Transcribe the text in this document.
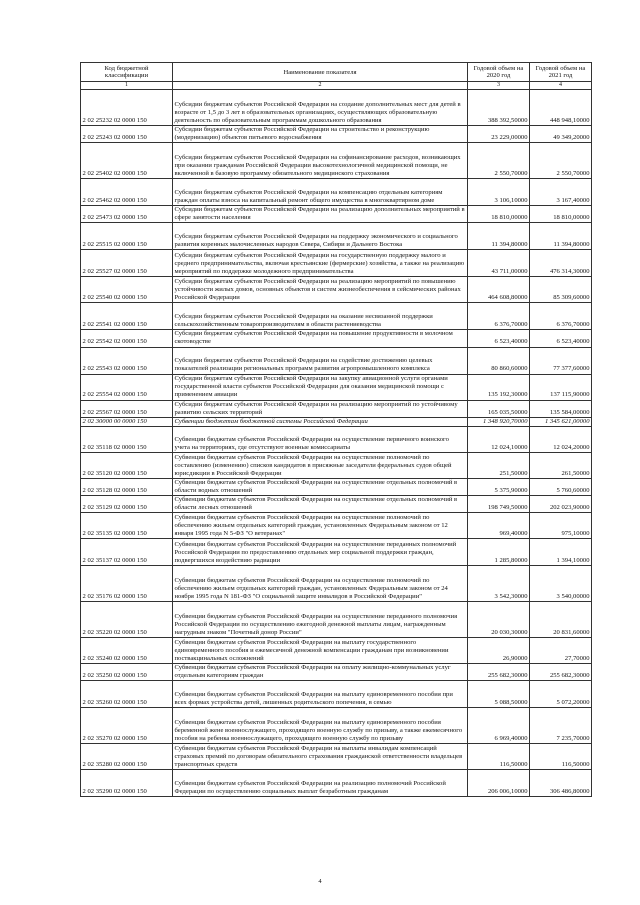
Код бюджетной классификации	Наименование показателя	Годовой объем на 2020 год	Годовой объем на 2021 год
1	2	3	4
2 02 25232 02 0000 150	Субсидии бюджетам субъектов Российской Федерации на создание дополнительных мест для детей в возрасте от 1,5 до 3 лет в образовательных организациях, осуществляющих образовательную деятельность по образовательным программам дошкольного образования	388 392,50000	448 948,10000
2 02 25243 02 0000 150	Субсидии бюджетам субъектов Российской Федерации на строительство и реконструкцию (модернизацию) объектов питьевого водоснабжения	23 229,00000	49 349,20000
2 02 25402 02 0000 150	Субсидии бюджетам субъектов Российской Федерации на софинансирование расходов, возникающих при оказании гражданам Российской Федерации высокотехнологичной медицинской помощи, не включенной в базовую программу обязательного медицинского страхования	2 550,70000	2 550,70000
2 02 25462 02 0000 150	Субсидии бюджетам субъектов Российской Федерации на компенсацию отдельным категориям граждан оплаты взноса на капитальный ремонт общего имущества в многоквартирном доме	3 106,10000	3 167,40000
2 02 25473 02 0000 150	Субсидии бюджетам субъектов Российской Федерации на реализацию дополнительных мероприятий в сфере занятости населения	18 810,00000	18 810,00000
2 02 25515 02 0000 150	Субсидии бюджетам субъектов Российской Федерации на поддержку экономического и социального развития коренных малочисленных народов Севера, Сибири и Дальнего Востока	11 394,80000	11 394,80000
2 02 25527 02 0000 150	Субсидии бюджетам субъектов Российской Федерации на государственную поддержку малого и среднего предпринимательства, включая крестьянские (фермерские) хозяйства, а также на реализацию мероприятий по поддержке молодежного предпринимательства	43 711,00000	476 314,30000
2 02 25540 02 0000 150	Субсидии бюджетам субъектов Российской Федерации на реализацию мероприятий по повышению устойчивости жилых домов, основных объектов и систем жизнеобеспечения в сейсмических районах Российской Федерации	464 608,80000	85 309,60000
2 02 25541 02 0000 150	Субсидии бюджетам субъектов Российской Федерации на оказание несвязанной поддержки сельскохозяйственным товаропроизводителям в области растениеводства	6 376,70000	6 376,70000
2 02 25542 02 0000 150	Субсидии бюджетам субъектов Российской Федерации на повышение продуктивности в молочном скотоводстве	6 523,40000	6 523,40000
2 02 25543 02 0000 150	Субсидии бюджетам субъектов Российской Федерации на содействие достижению целевых показателей реализации региональных программ развития агропромышленного комплекса	80 860,60000	77 377,60000
2 02 25554 02 0000 150	Субсидии бюджетам субъектов Российской Федерации на закупку авиационной услуги органами государственной власти субъектов Российской Федерации для оказания медицинской помощи с применением авиации	135 192,30000	137 115,90000
2 02 25567 02 0000 150	Субсидии бюджетам субъектов Российской Федерации на реализацию мероприятий по устойчивому развитию сельских территорий	165 035,50000	135 584,00000
2 02 30000 00 0000 150	Субвенции бюджетам бюджетной системы Российской Федерации	1 348 920,70000	1 345 621,00000
2 02 35118 02 0000 150	Субвенции бюджетам субъектов Российской Федерации на осуществление первичного воинского учета на территориях, где отсутствуют военные комиссариаты	12 024,10000	12 024,20000
2 02 35120 02 0000 150	Субвенции бюджетам субъектов Российской Федерации на осуществление полномочий по составлению (изменению) списков кандидатов в присяжные заседатели федеральных судов общей юрисдикции в Российской Федерации	251,50000	261,50000
2 02 35128 02 0000 150	Субвенции бюджетам субъектов Российской Федерации на осуществление отдельных полномочий в области водных отношений	5 375,90000	5 760,60000
2 02 35129 02 0000 150	Субвенции бюджетам субъектов Российской Федерации на осуществление отдельных полномочий в области лесных отношений	198 749,50000	202 023,90000
2 02 35135 02 0000 150	Субвенции бюджетам субъектов Российской Федерации на осуществление полномочий по обеспечению жильем отдельных категорий граждан, установленных Федеральным законом от 12 января 1995 года N 5-ФЗ "О ветеранах"	969,40000	975,10000
2 02 35137 02 0000 150	Субвенции бюджетам субъектов Российской Федерации на осуществление переданных полномочий Российской Федерации по предоставлению отдельных мер социальной поддержки граждан, подвергшихся воздействию радиации	1 285,80000	1 394,10000
2 02 35176 02 0000 150	Субвенции бюджетам субъектов Российской Федерации на осуществление полномочий по обеспечению жильем отдельных категорий граждан, установленных Федеральным законом от 24 ноября 1995 года N 181-ФЗ "О социальной защите инвалидов в Российской Федерации"	3 542,30000	3 540,00000
2 02 35220 02 0000 150	Субвенции бюджетам субъектов Российской Федерации на осуществление переданного полномочия Российской Федерации по осуществлению ежегодной денежной выплаты лицам, награжденным нагрудным знаком "Почетный донор России"	20 030,30000	20 831,60000
2 02 35240 02 0000 150	Субвенции бюджетам субъектов Российской Федерации на выплату государственного единовременного пособия и ежемесячной денежной компенсации гражданам при возникновении поствакцинальных осложнений	26,90000	27,70000
2 02 35250 02 0000 150	Субвенции бюджетам субъектов Российской Федерации на оплату жилищно-коммунальных услуг отдельным категориям граждан	255 682,30000	255 682,30000
2 02 35260 02 0000 150	Субвенции бюджетам субъектов Российской Федерации на выплату единовременного пособия при всех формах устройства детей, лишенных родительского попечения, в семью	5 088,50000	5 072,20000
2 02 35270 02 0000 150	Субвенции бюджетам субъектов Российской Федерации на выплату единовременного пособия беременной жене военнослужащего, проходящего военную службу по призыву, а также ежемесячного пособия на ребенка военнослужащего, проходящего военную службу по призыву	6 969,40000	7 235,70000
2 02 35280 02 0000 150	Субвенции бюджетам субъектов Российской Федерации на выплаты инвалидам компенсаций страховых премий по договорам обязательного страхования гражданской ответственности владельцев транспортных средств	116,50000	116,50000
2 02 35290 02 0000 150	Субвенции бюджетам субъектов Российской Федерации на реализацию полномочий Российской Федерации по осуществлению социальных выплат безработным гражданам	206 006,10000	306 486,80000
4
